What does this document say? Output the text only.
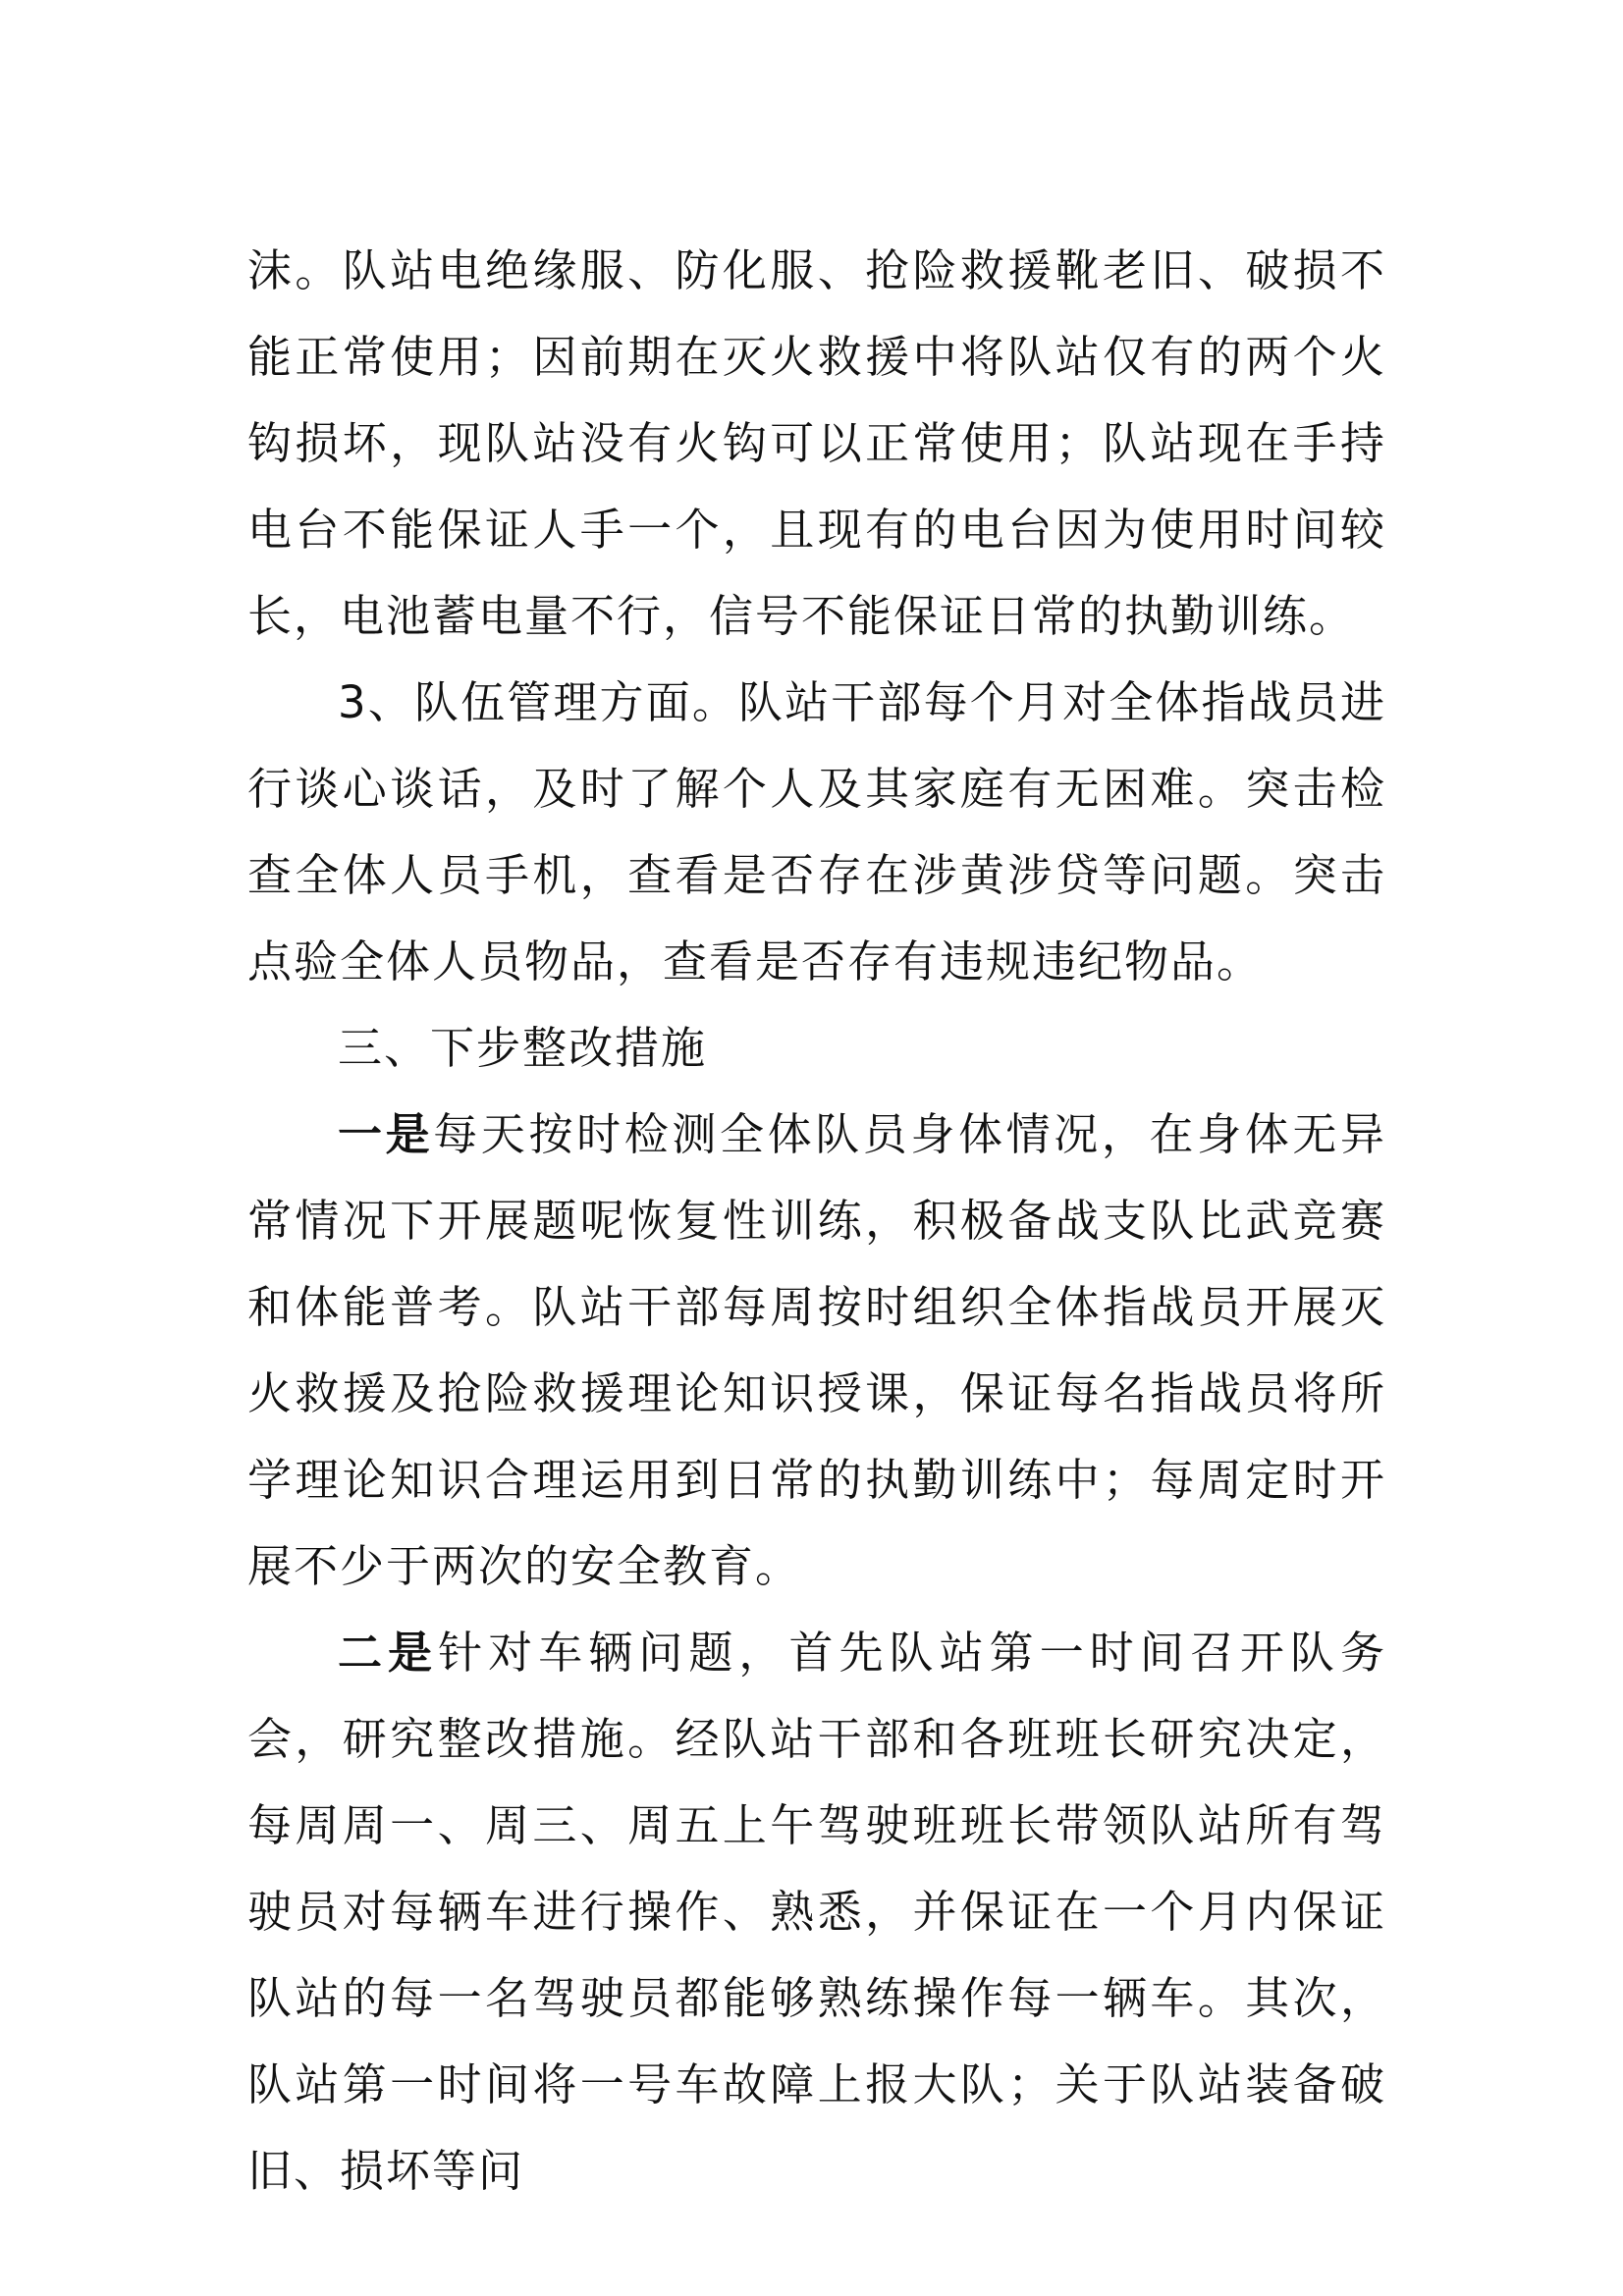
沫。队站电绝缘服、防化服、抢险救援靴老旧、破损不能正常使用；因前期在灭火救援中将队站仅有的两个火钩损坏，现队站没有火钩可以正常使用；队站现在手持电台不能保证人手一个，且现有的电台因为使用时间较长，电池蓄电量不行，信号不能保证日常的执勤训练。

3、队伍管理方面。队站干部每个月对全体指战员进行谈心谈话，及时了解个人及其家庭有无困难。突击检查全体人员手机，查看是否存在涉黄涉贷等问题。突击点验全体人员物品，查看是否存有违规违纪物品。

三、下步整改措施

一是每天按时检测全体队员身体情况，在身体无异常情况下开展题呢恢复性训练，积极备战支队比武竞赛和体能普考。队站干部每周按时组织全体指战员开展灭火救援及抢险救援理论知识授课，保证每名指战员将所学理论知识合理运用到日常的执勤训练中；每周定时开展不少于两次的安全教育。

二是针对车辆问题，首先队站第一时间召开队务会，研究整改措施。经队站干部和各班班长研究决定，每周周一、周三、周五上午驾驶班班长带领队站所有驾驶员对每辆车进行操作、熟悉，并保证在一个月内保证队站的每一名驾驶员都能够熟练操作每一辆车。其次，队站第一时间将一号车故障上报大队；关于队站装备破旧、损坏等问
